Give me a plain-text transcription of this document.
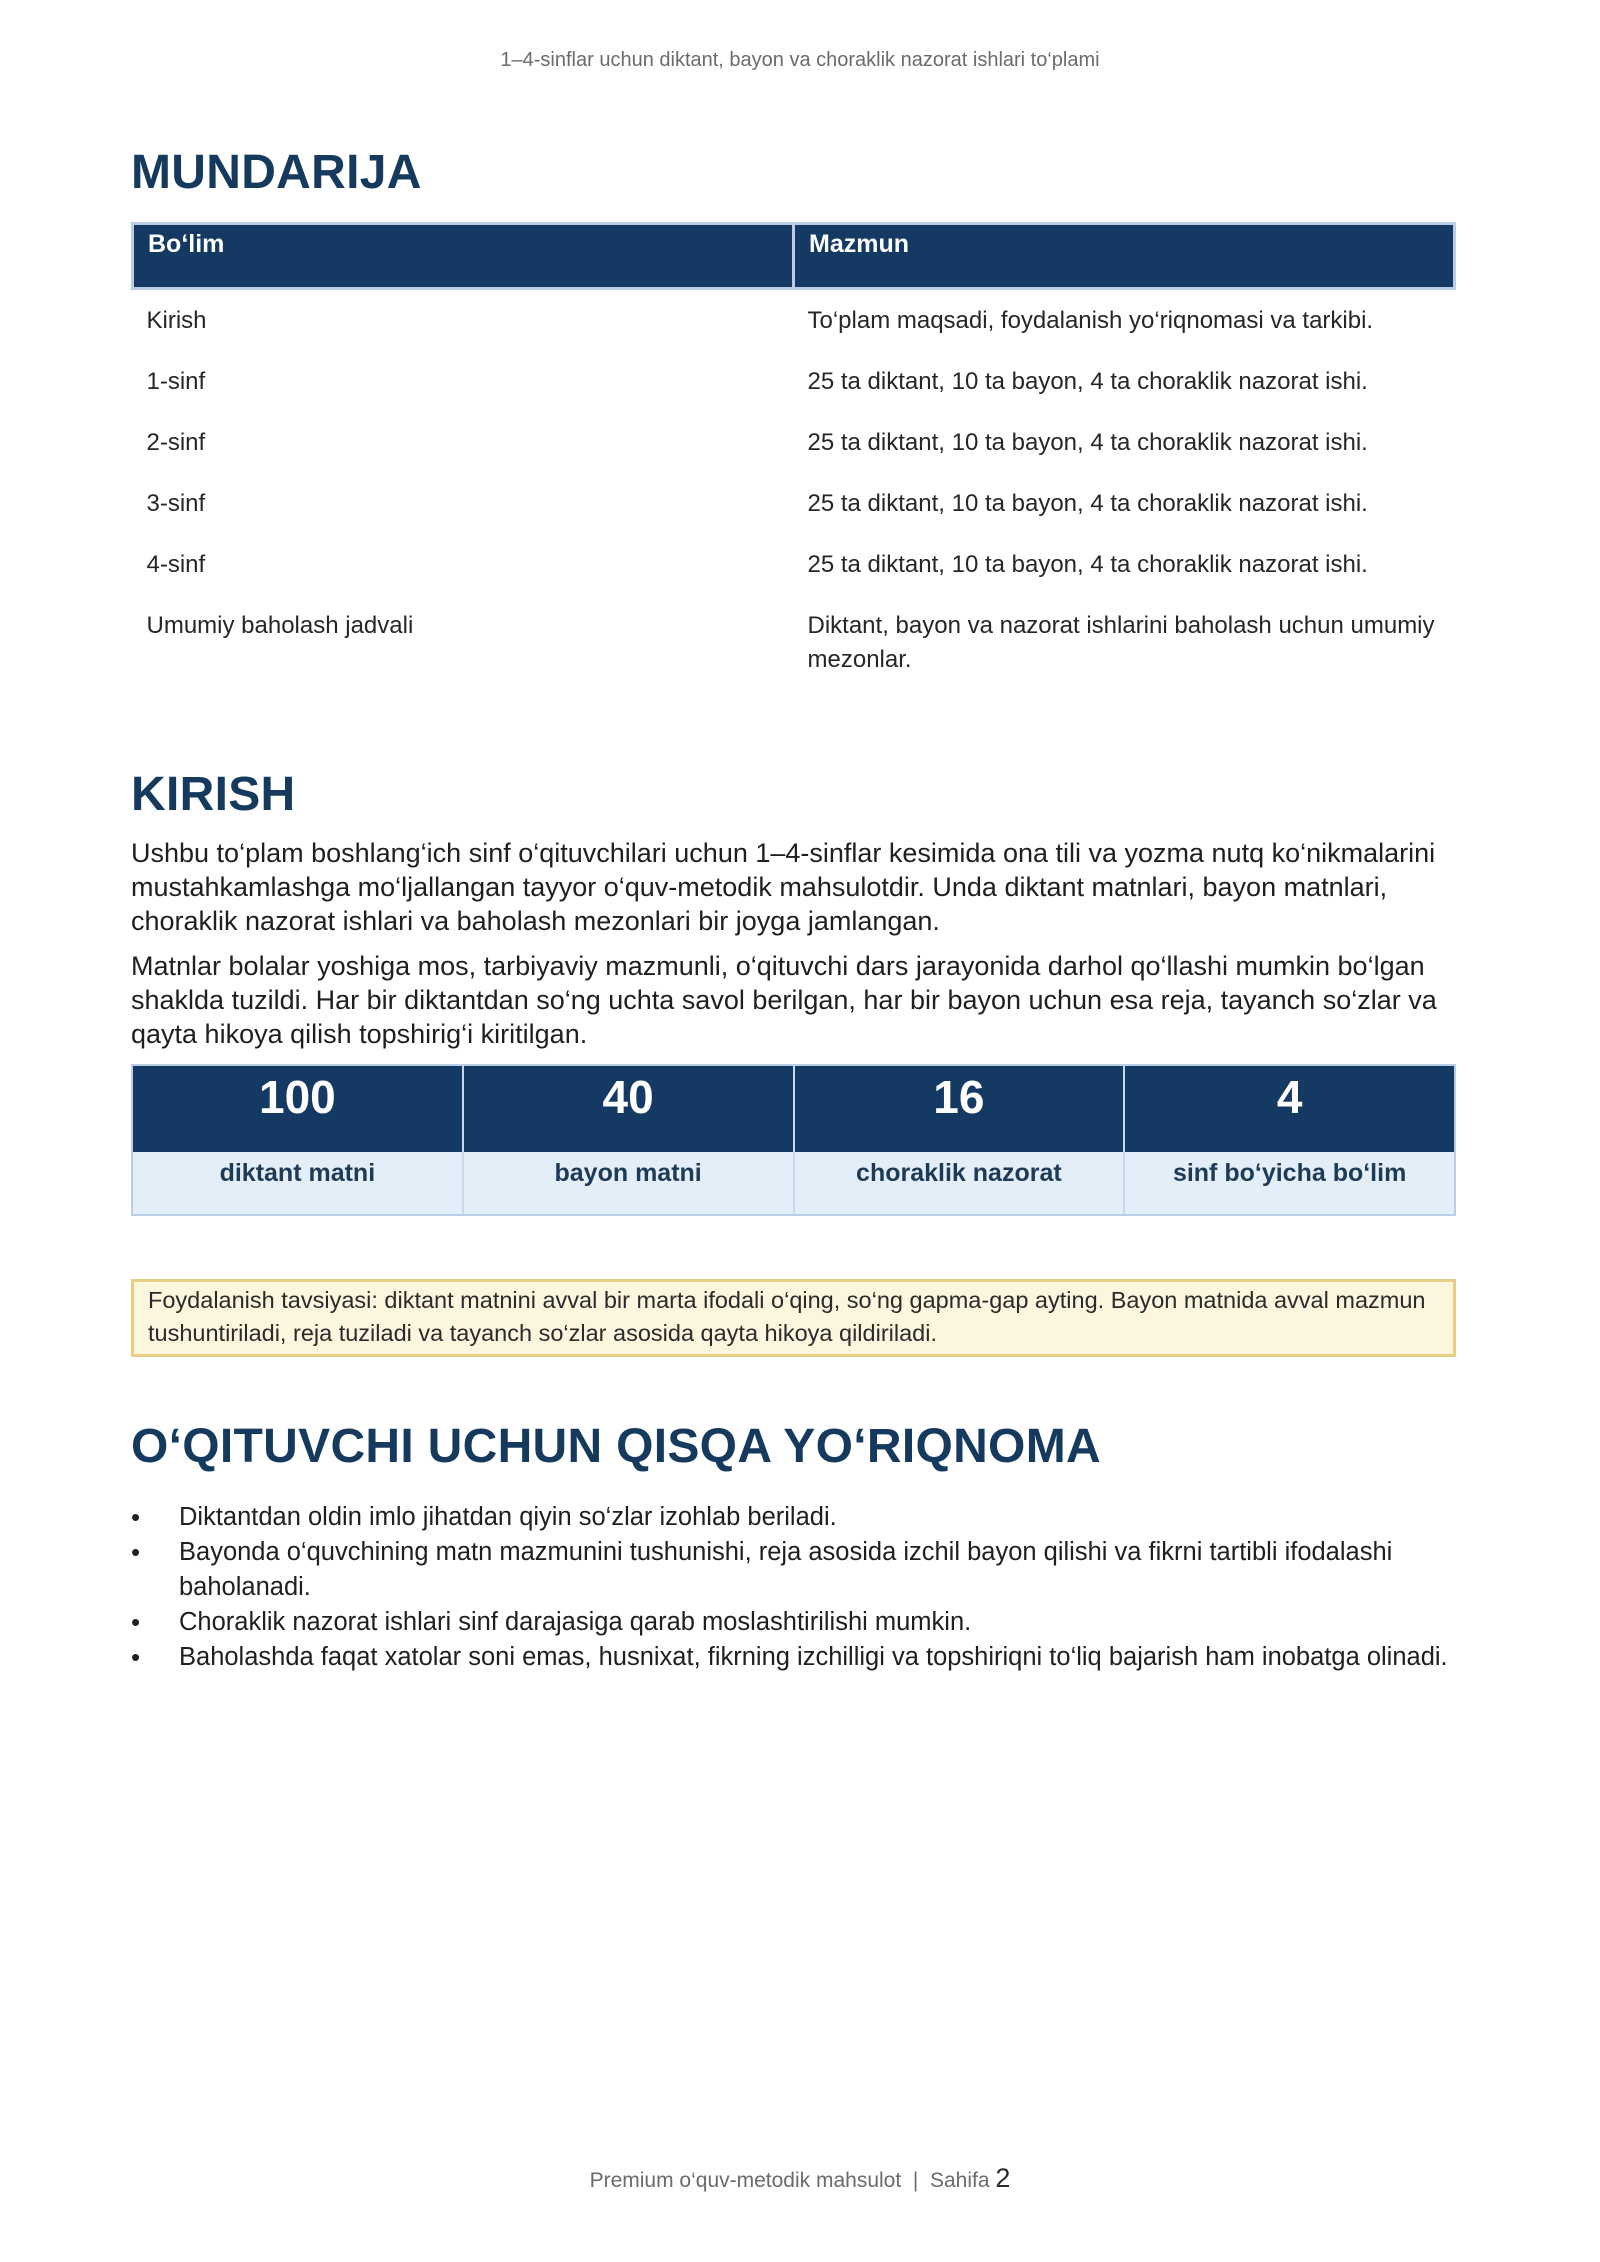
1–4-sinflar uchun diktant, bayon va choraklik nazorat ishlari to‘plami
MUNDARIJA
Bo‘lim	Mazmun
Kirish	To‘plam maqsadi, foydalanish yo‘riqnomasi va tarkibi.
1-sinf	25 ta diktant, 10 ta bayon, 4 ta choraklik nazorat ishi.
2-sinf	25 ta diktant, 10 ta bayon, 4 ta choraklik nazorat ishi.
3-sinf	25 ta diktant, 10 ta bayon, 4 ta choraklik nazorat ishi.
4-sinf	25 ta diktant, 10 ta bayon, 4 ta choraklik nazorat ishi.
Umumiy baholash jadvali	Diktant, bayon va nazorat ishlarini baholash uchun umumiy mezonlar.
KIRISH

Ushbu to‘plam boshlang‘ich sinf o‘qituvchilari uchun 1–4-sinflar kesimida ona tili va yozma nutq ko‘nikmalarini mustahkamlashga mo‘ljallangan tayyor o‘quv-metodik mahsulotdir. Unda diktant matnlari, bayon matnlari, choraklik nazorat ishlari va baholash mezonlari bir joyga jamlangan.

Matnlar bolalar yoshiga mos, tarbiyaviy mazmunli, o‘qituvchi dars jarayonida darhol qo‘llashi mumkin bo‘lgan shaklda tuzildi. Har bir diktantdan so‘ng uchta savol berilgan, har bir bayon uchun esa reja, tayanch so‘zlar va qayta hikoya qilish topshirig‘i kiritilgan.

100
diktant matni
40
bayon matni
16
choraklik nazorat
4
sinf bo‘yicha bo‘lim
Foydalanish tavsiyasi: diktant matnini avval bir marta ifodali o‘qing, so‘ng gapma-gap ayting. Bayon matnida avval mazmun tushuntiriladi, reja tuziladi va tayanch so‘zlar asosida qayta hikoya qildiriladi.
O‘QITUVCHI UCHUN QISQA YO‘RIQNOMA
• Diktantdan oldin imlo jihatdan qiyin so‘zlar izohlab beriladi.
• Bayonda o‘quvchining matn mazmunini tushunishi, reja asosida izchil bayon qilishi va fikrni tartibli ifodalashi baholanadi.
• Choraklik nazorat ishlari sinf darajasiga qarab moslashtirilishi mumkin.
• Baholashda faqat xatolar soni emas, husnixat, fikrning izchilligi va topshiriqni to‘liq bajarish ham inobatga olinadi.
Premium o‘quv-metodik mahsulot  |  Sahifa 2
